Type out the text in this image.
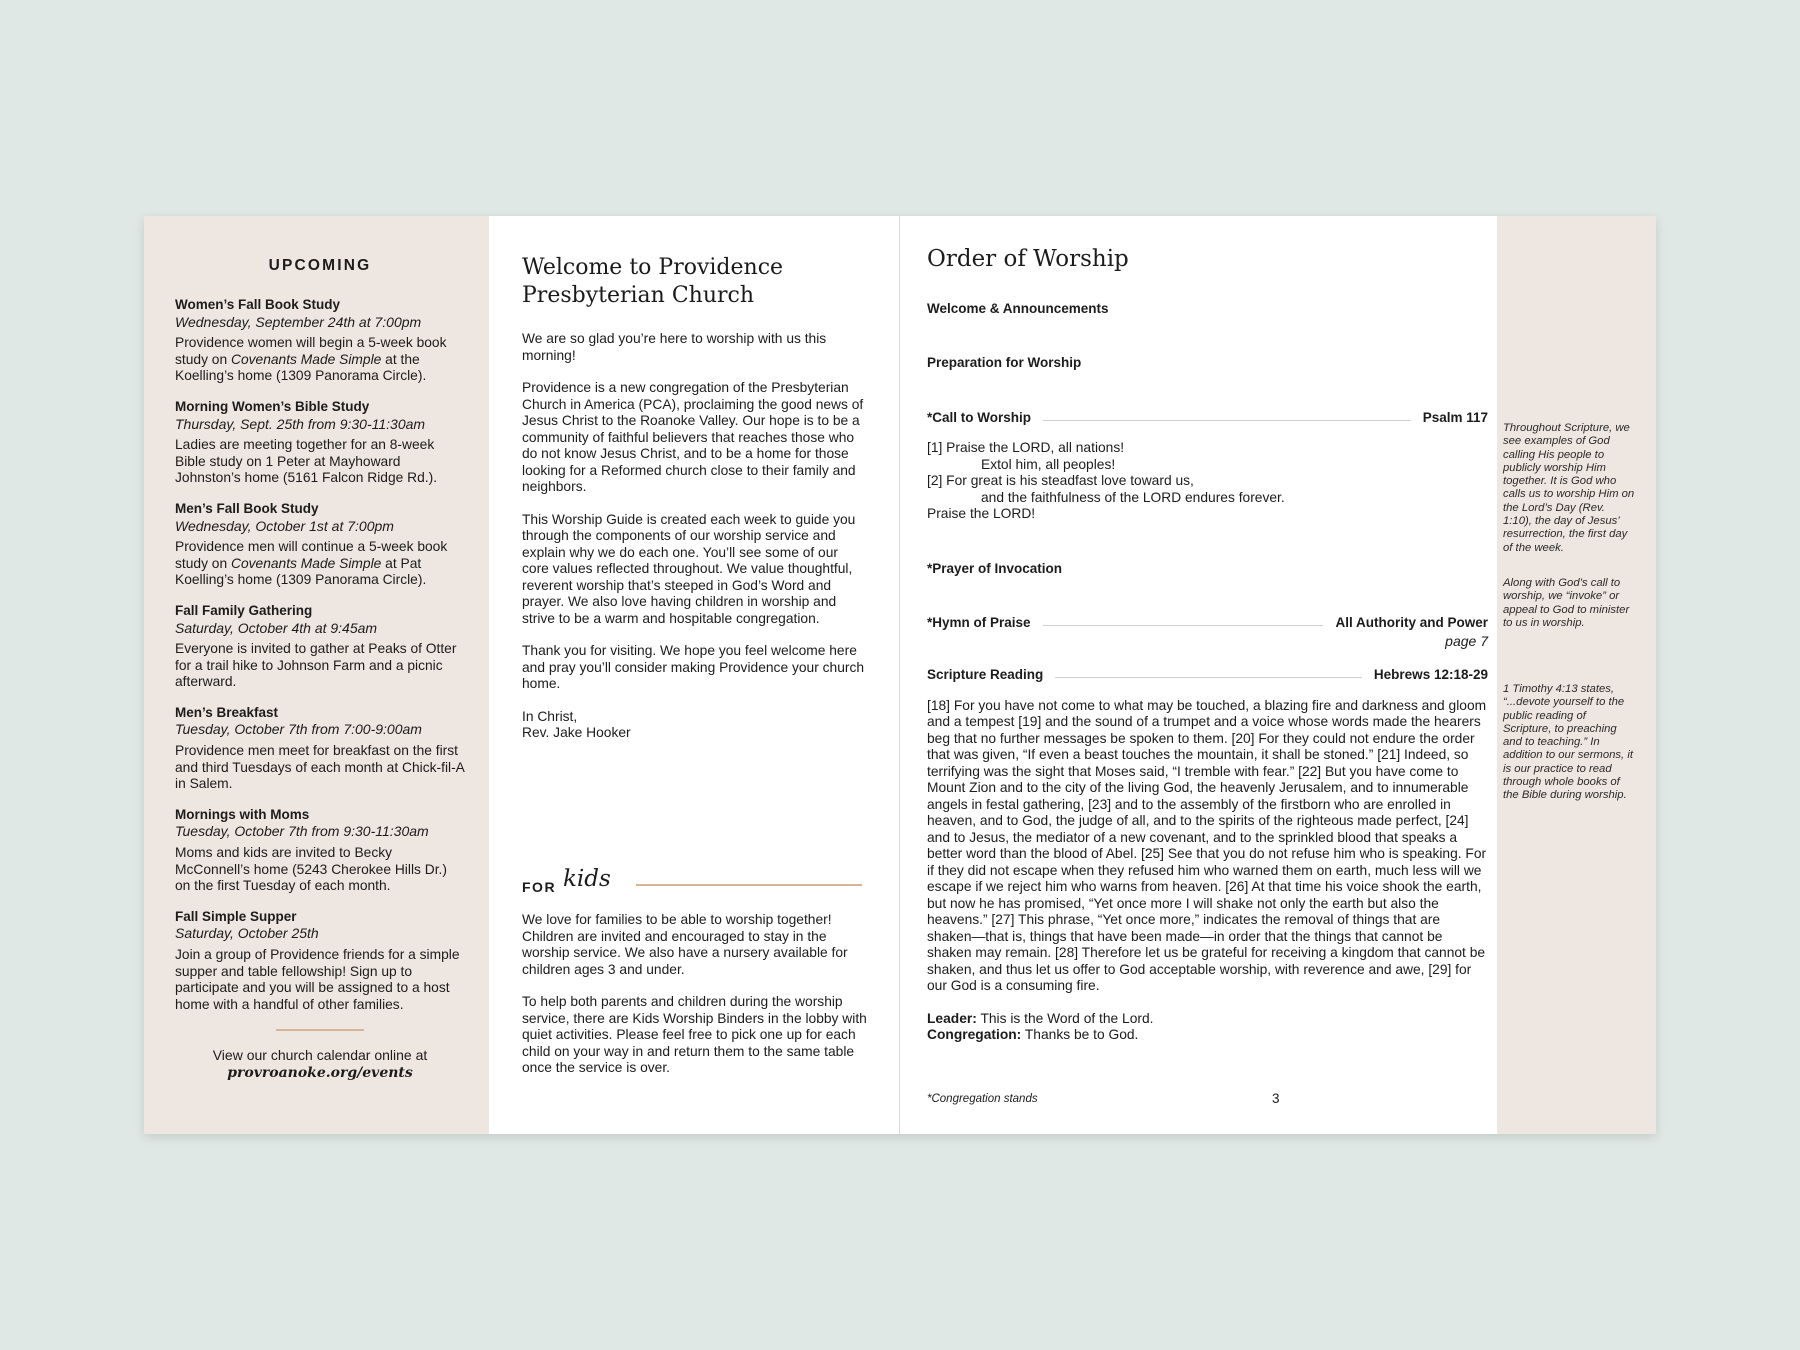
UPCOMING
Women’s Fall Book Study
Wednesday, September 24th at 7:00pm
Providence women will begin a 5-week book study on Covenants Made Simple at the Koelling’s home (1309 Panorama Circle).
Morning Women’s Bible Study
Thursday, Sept. 25th from 9:30-11:30am
Ladies are meeting together for an 8-week Bible study on 1 Peter at Mayhoward Johnston’s home (5161 Falcon Ridge Rd.).
Men’s Fall Book Study
Wednesday, October 1st at 7:00pm
Providence men will continue a 5-week book study on Covenants Made Simple at Pat Koelling’s home (1309 Panorama Circle).
Fall Family Gathering
Saturday, October 4th at 9:45am
Everyone is invited to gather at Peaks of Otter for a trail hike to Johnson Farm and a picnic afterward.
Men’s Breakfast
Tuesday, October 7th from 7:00-9:00am
Providence men meet for breakfast on the first and third Tuesdays of each month at Chick-fil-A in Salem.
Mornings with Moms
Tuesday, October 7th from 9:30-11:30am
Moms and kids are invited to Becky McConnell’s home (5243 Cherokee Hills Dr.) on the first Tuesday of each month.
Fall Simple Supper
Saturday, October 25th
Join a group of Providence friends for a simple supper and table fellowship! Sign up to participate and you will be assigned to a host home with a handful of other families.
View our church calendar online at
provroanoke.org/events
Welcome to Providence Presbyterian Church

We are so glad you’re here to worship with us this morning!

Providence is a new congregation of the Presbyterian Church in America (PCA), proclaiming the good news of Jesus Christ to the Roanoke Valley. Our hope is to be a community of faithful believers that reaches those who do not know Jesus Christ, and to be a home for those looking for a Reformed church close to their family and neighbors.

This Worship Guide is created each week to guide you through the components of our worship service and explain why we do each one. You’ll see some of our core values reflected throughout. We value thoughtful, reverent worship that’s steeped in God’s Word and prayer. We also love having children in worship and strive to be a warm and hospitable congregation.

Thank you for visiting. We hope you feel welcome here and pray you’ll consider making Providence your church home.

In Christ,
Rev. Jake Hooker
FOR kids

We love for families to be able to worship together! Children are invited and encouraged to stay in the worship service. We also have a nursery available for children ages 3 and under.

To help both parents and children during the worship service, there are Kids Worship Binders in the lobby with quiet activities. Please feel free to pick one up for each child on your way in and return them to the same table once the service is over.

Order of Worship
Welcome & Announcements
Preparation for Worship
*Call to Worship	Psalm 117
[1] Praise the LORD, all nations!
Extol him, all peoples!
[2] For great is his steadfast love toward us,
and the faithfulness of the LORD endures forever.
Praise the LORD!
*Prayer of Invocation
*Hymn of Praise	All Authority and Power
page 7
Scripture Reading	Hebrews 12:18-29
[18] For you have not come to what may be touched, a blazing fire and darkness and gloom and a tempest [19] and the sound of a trumpet and a voice whose words made the hearers beg that no further messages be spoken to them. [20] For they could not endure the order that was given, “If even a beast touches the mountain, it shall be stoned.” [21] Indeed, so terrifying was the sight that Moses said, “I tremble with fear.” [22] But you have come to Mount Zion and to the city of the living God, the heavenly Jerusalem, and to innumerable angels in festal gathering, [23] and to the assembly of the firstborn who are enrolled in heaven, and to God, the judge of all, and to the spirits of the righteous made perfect, [24] and to Jesus, the mediator of a new covenant, and to the sprinkled blood that speaks a better word than the blood of Abel. [25] See that you do not refuse him who is speaking. For if they did not escape when they refused him who warned them on earth, much less will we escape if we reject him who warns from heaven. [26] At that time his voice shook the earth, but now he has promised, “Yet once more I will shake not only the earth but also the heavens.” [27] This phrase, “Yet once more,” indicates the removal of things that are shaken—that is, things that have been made—in order that the things that cannot be shaken may remain. [28] Therefore let us be grateful for receiving a kingdom that cannot be shaken, and thus let us offer to God acceptable worship, with reverence and awe, [29] for our God is a consuming fire.
Leader: This is the Word of the Lord.
Congregation: Thanks be to God.
*Congregation stands	3
Throughout Scripture, we see examples of God calling His people to publicly worship Him together. It is God who calls us to worship Him on the Lord’s Day (Rev. 1:10), the day of Jesus’ resurrection, the first day of the week.
Along with God’s call to worship, we “invoke” or appeal to God to minister to us in worship.
1 Timothy 4:13 states, “...devote yourself to the public reading of Scripture, to preaching and to teaching.” In addition to our sermons, it is our practice to read through whole books of the Bible during worship.
